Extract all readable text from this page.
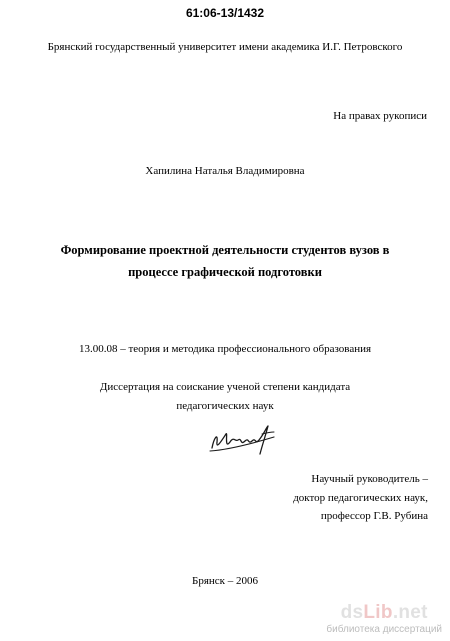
61:06-13/1432
Брянский государственный университет имени академика И.Г. Петровского
На правах рукописи
Хапилина Наталья Владимировна
Формирование проектной деятельности студентов вузов в
процессе графической подготовки
13.00.08 – теория и методика профессионального образования
Диссертация на соискание ученой степени кандидата
педагогических наук
Научный руководитель –
доктор педагогических наук,
профессор Г.В. Рубина
Брянск – 2006
dsLib.net
библиотека диссертаций
